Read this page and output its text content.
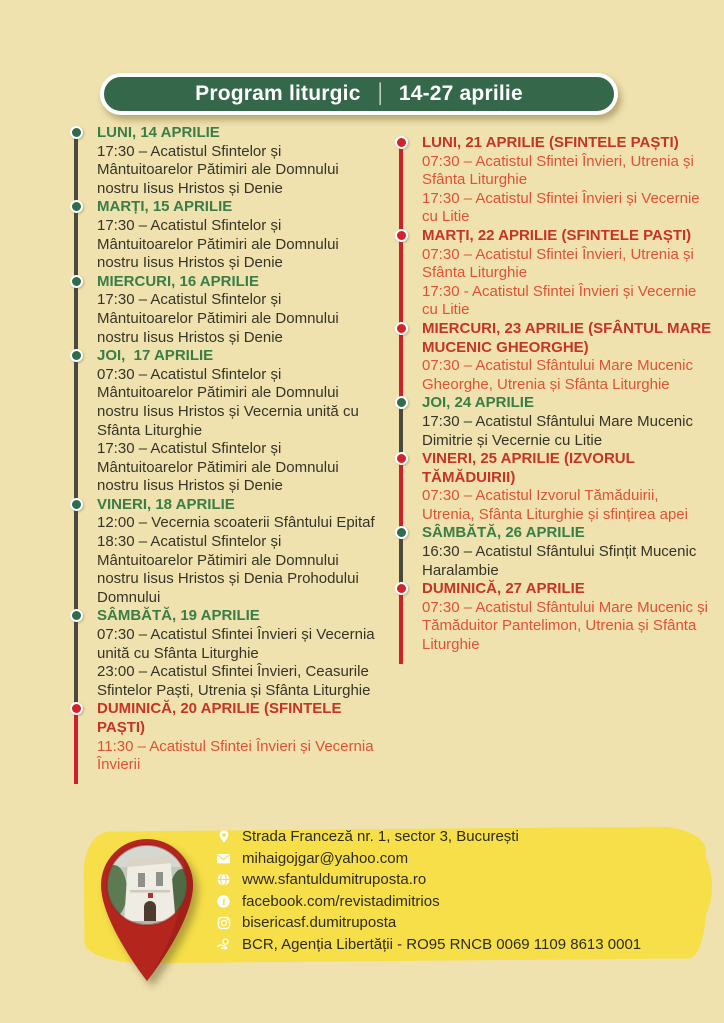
Program liturgic | 14-27 aprilie
LUNI, 14 APRILIE
17:30 – Acatistul Sfintelor și Mântuitoarelor Pătimiri ale Domnului nostru Iisus Hristos și Denie
MARȚI, 15 APRILIE
17:30 – Acatistul Sfintelor și Mântuitoarelor Pătimiri ale Domnului nostru Iisus Hristos și Denie
MIERCURI, 16 APRILIE
17:30 – Acatistul Sfintelor și Mântuitoarelor Pătimiri ale Domnului nostru Iisus Hristos și Denie
JOI,  17 APRILIE
07:30 – Acatistul Sfintelor și Mântuitoarelor Pătimiri ale Domnului nostru Iisus Hristos și Vecernia unită cu Sfânta Liturghie
17:30 – Acatistul Sfintelor și Mântuitoarelor Pătimiri ale Domnului nostru Iisus Hristos și Denie
VINERI, 18 APRILIE
12:00 – Vecernia scoaterii Sfântului Epitaf
18:30 – Acatistul Sfintelor și Mântuitoarelor Pătimiri ale Domnului nostru Iisus Hristos și Denia Prohodului Domnului
SÂMBĂTĂ, 19 APRILIE
07:30 – Acatistul Sfintei Învieri și Vecernia unită cu Sfânta Liturghie
23:00 – Acatistul Sfintei Învieri, Ceasurile Sfintelor Paști, Utrenia și Sfânta Liturghie
DUMINICĂ, 20 APRILIE (SFINTELE PAȘTI)
11:30 – Acatistul Sfintei Învieri și Vecernia Învierii
LUNI, 21 APRILIE (SFINTELE PAȘTI)
07:30 – Acatistul Sfintei Învieri, Utrenia și Sfânta Liturghie
17:30 – Acatistul Sfintei Învieri și Vecernie cu Litie
MARȚI, 22 APRILIE (SFINTELE PAȘTI)
07:30 – Acatistul Sfintei Învieri, Utrenia și Sfânta Liturghie
17:30 - Acatistul Sfintei Învieri și Vecernie cu Litie
MIERCURI, 23 APRILIE (SFÂNTUL MARE MUCENIC GHEORGHE)
07:30 – Acatistul Sfântului Mare Mucenic Gheorghe, Utrenia și Sfânta Liturghie
JOI, 24 APRILIE
17:30 – Acatistul Sfântului Mare Mucenic Dimitrie și Vecernie cu Litie
VINERI, 25 APRILIE (IZVORUL TĂMĂDUIRII)
07:30 – Acatistul Izvorul Tămăduirii, Utrenia, Sfânta Liturghie și sfințirea apei
SÂMBĂTĂ, 26 APRILIE
16:30 – Acatistul Sfântului Sfințit Mucenic Haralambie
DUMINICĂ, 27 APRILIE
07:30 – Acatistul Sfântului Mare Mucenic și Tămăduitor Pantelimon, Utrenia și Sfânta Liturghie
Strada Franceză nr. 1, sector 3, București
mihaigojgar@yahoo.com
www.sfantuldumitruposta.ro
f facebook.com/revistadimitrios
bisericasf.dumitruposta
BCR, Agenția Libertății - RO95 RNCB 0069 1109 8613 0001
